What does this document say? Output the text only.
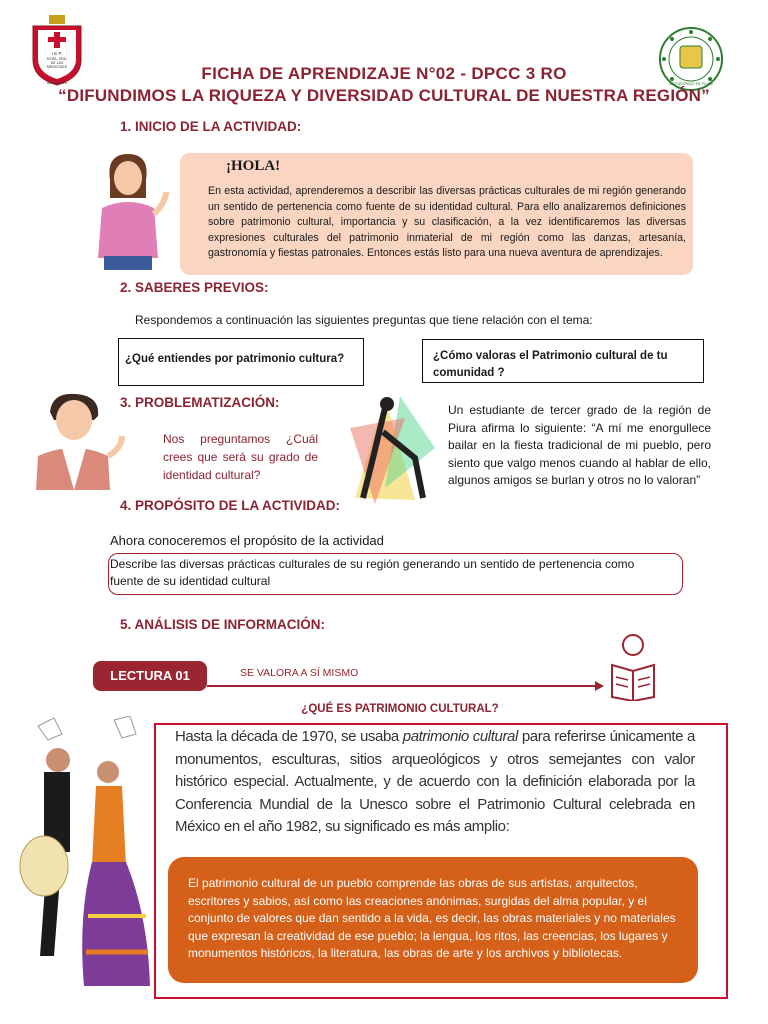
I.E.P.
NTRA. SRA.
DE LAS
MERCEDES
BELLAVISTA	ARZOBISPADO DE PIURA
FICHA DE APRENDIZAJE N°02 - DPCC 3 RO
“DIFUNDIMOS LA RIQUEZA Y DIVERSIDAD CULTURAL DE NUESTRA REGIÓN”
1. INICIO DE LA ACTIVIDAD:
¡HOLA!
En esta actividad, aprenderemos a describir las diversas prácticas culturales de mi región generando un sentido de pertenencia como fuente de su identidad cultural. Para ello analizaremos definiciones sobre patrimonio cultural, importancia y su clasificación, a la vez identificaremos las diversas expresiones culturales del patrimonio inmaterial de mi región como las danzas, artesanía, gastronomía y fiestas patronales. Entonces estás listo para una nueva aventura de aprendizajes.
2. SABERES PREVIOS:
Respondemos a continuación las siguientes preguntas que tiene relación con el tema:
¿Qué entiendes por patrimonio cultura?	¿Cómo valoras el Patrimonio cultural de tu comunidad ?
3. PROBLEMATIZACIÓN:
Nos preguntamos ¿Cuál crees que será su grado de identidad cultural?
Un estudiante de tercer grado de la región de Piura afirma lo siguiente: “A mí me enorgullece bailar en la fiesta tradicional de mi pueblo, pero siento que valgo menos cuando al hablar de ello, algunos amigos se burlan y otros no lo valoran”
4. PROPÓSITO DE LA ACTIVIDAD:
Ahora conoceremos el propósito de la actividad
Describe las diversas prácticas culturales de su región generando un sentido de pertenencia como fuente de su identidad cultural
5. ANÁLISIS DE INFORMACIÓN:
LECTURA 01	SE VALORA A SÍ MISMO
¿QUÉ ES PATRIMONIO CULTURAL?
Hasta la década de 1970, se usaba patrimonio cultural para referirse únicamente a monumentos, esculturas, sitios arqueológicos y otros semejantes con valor histórico especial. Actualmente, y de acuerdo con la definición elaborada por la Conferencia Mundial de la Unesco sobre el Patrimonio Cultural celebrada en México en el año 1982, su significado es más amplio:
El patrimonio cultural de un pueblo comprende las obras de sus artistas, arquitectos, escritores y sabios, así como las creaciones anónimas, surgidas del alma popular, y el conjunto de valores que dan sentido a la vida, es decir, las obras materiales y no materiales que expresan la creatividad de ese pueblo; la lengua, los ritos, las creencias, los lugares y monumentos históricos, la literatura, las obras de arte y los archivos y bibliotecas.
